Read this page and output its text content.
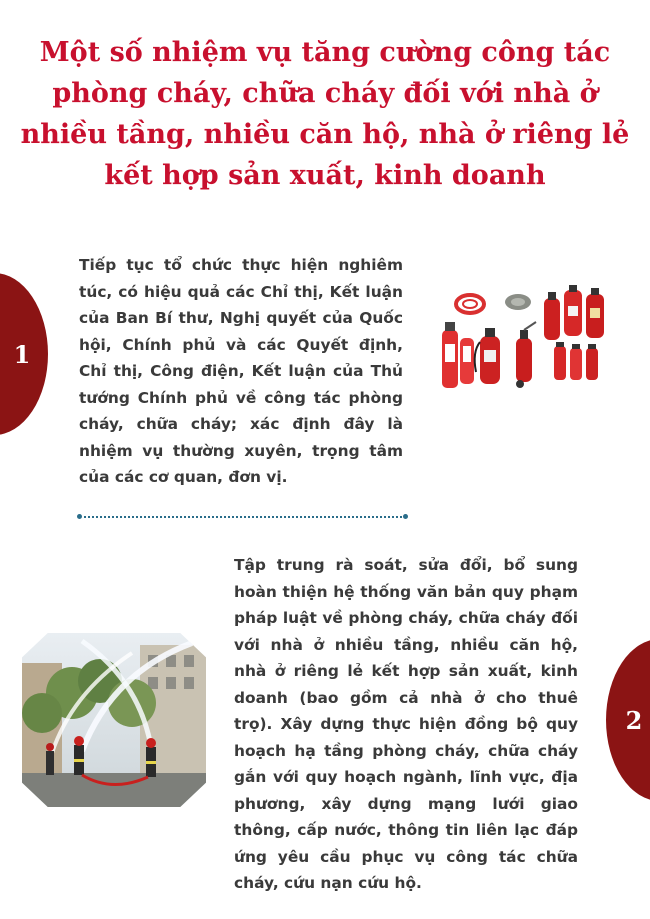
Một số nhiệm vụ tăng cường công tác
phòng cháy, chữa cháy đối với nhà ở
nhiều tầng, nhiều căn hộ, nhà ở riêng lẻ
kết hợp sản xuất, kinh doanh
1

Tiếp tục tổ chức thực hiện nghiêm túc, có hiệu quả các Chỉ thị, Kết luận của Ban Bí thư, Nghị quyết của Quốc hội, Chính phủ và các Quyết định, Chỉ thị, Công điện, Kết luận của Thủ tướng Chính phủ về công tác phòng cháy, chữa cháy; xác định đây là nhiệm vụ thường xuyên, trọng tâm của các cơ quan, đơn vị.

2

Tập trung rà soát, sửa đổi, bổ sung hoàn thiện hệ thống văn bản quy phạm pháp luật về phòng cháy, chữa cháy đối với nhà ở nhiều tầng, nhiều căn hộ, nhà ở riêng lẻ kết hợp sản xuất, kinh doanh (bao gồm cả nhà ở cho thuê trọ). Xây dựng thực hiện đồng bộ quy hoạch hạ tầng phòng cháy, chữa cháy gắn với quy hoạch ngành, lĩnh vực, địa phương, xây dựng mạng lưới giao thông, cấp nước, thông tin liên lạc đáp ứng yêu cầu phục vụ công tác chữa cháy, cứu nạn cứu hộ.
